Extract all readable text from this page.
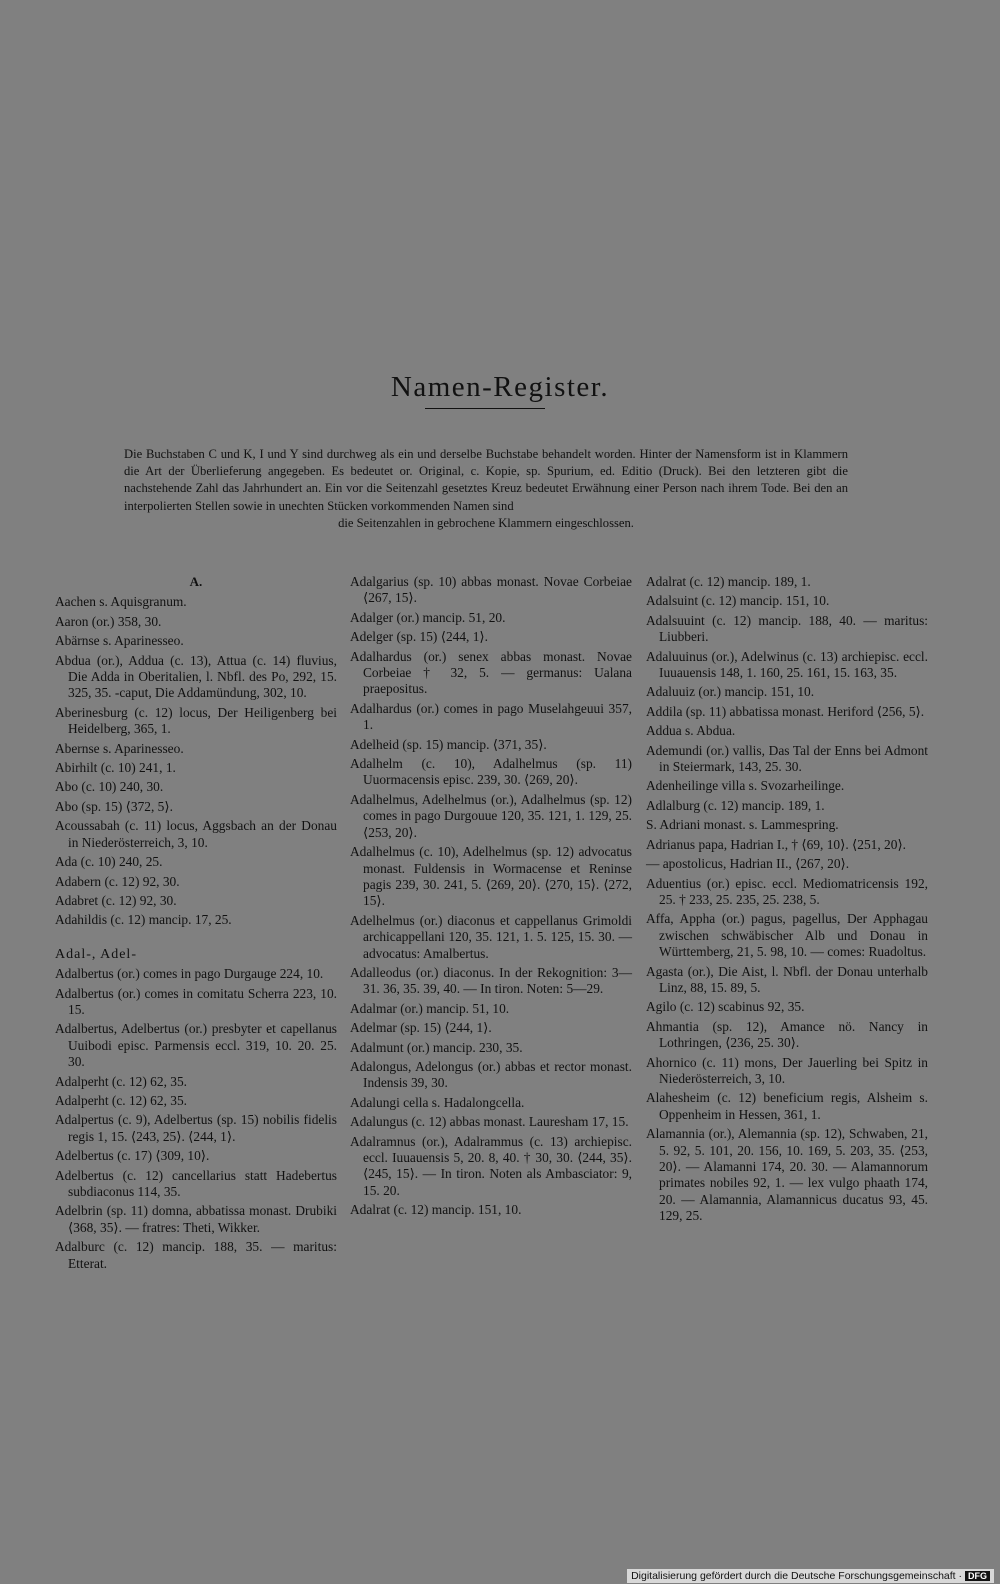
Namen-Register.
Die Buchstaben C und K, I und Y sind durchweg als ein und derselbe Buchstabe behandelt worden. Hinter der Namensform ist in Klammern die Art der Überlieferung angegeben. Es bedeutet or. Original, c. Kopie, sp. Spurium, ed. Editio (Druck). Bei den letzteren gibt die nachstehende Zahl das Jahrhundert an. Ein vor die Seitenzahl gesetztes Kreuz bedeutet Erwähnung einer Person nach ihrem Tode. Bei den an interpolierten Stellen sowie in unechten Stücken vorkommenden Namen sind
die Seitenzahlen in gebrochene Klammern eingeschlossen.
A.
Aachen s. Aquisgranum.
Aaron (or.) 358, 30.
Abärnse s. Aparinesseo.
Abdua (or.), Addua (c. 13), Attua (c. 14) fluvius, Die Adda in Oberitalien, l. Nbfl. des Po, 292, 15. 325, 35. -caput, Die Addamündung, 302, 10.
Aberinesburg (c. 12) locus, Der Heiligenberg bei Heidelberg, 365, 1.
Abernse s. Aparinesseo.
Abirhilt (c. 10) 241, 1.
Abo (c. 10) 240, 30.
Abo (sp. 15) ⟨372, 5⟩.
Acoussabah (c. 11) locus, Aggsbach an der Donau in Niederösterreich, 3, 10.
Ada (c. 10) 240, 25.
Adabern (c. 12) 92, 30.
Adabret (c. 12) 92, 30.
Adahildis (c. 12) mancip. 17, 25.
Adal-, Adel-
Adalbertus (or.) comes in pago Durgauge 224, 10.
Adalbertus (or.) comes in comitatu Scherra 223, 10. 15.
Adalbertus, Adelbertus (or.) presbyter et capellanus Uuibodi episc. Parmensis eccl. 319, 10. 20. 25. 30.
Adalperht (c. 12) 62, 35.
Adalperht (c. 12) 62, 35.
Adalpertus (c. 9), Adelbertus (sp. 15) nobilis fidelis regis 1, 15. ⟨243, 25⟩. ⟨244, 1⟩.
Adelbertus (c. 17) ⟨309, 10⟩.
Adelbertus (c. 12) cancellarius statt Hadebertus subdiaconus 114, 35.
Adelbrin (sp. 11) domna, abbatissa monast. Drubiki ⟨368, 35⟩. — fratres: Theti, Wikker.
Adalburc (c. 12) mancip. 188, 35. — maritus: Etterat.
Adalgarius (sp. 10) abbas monast. Novae Corbeiae ⟨267, 15⟩.
Adalger (or.) mancip. 51, 20.
Adelger (sp. 15) ⟨244, 1⟩.
Adalhardus (or.) senex abbas monast. Novae Corbeiae † 32, 5. — germanus: Ualana praepositus.
Adalhardus (or.) comes in pago Muselahgeuui 357, 1.
Adelheid (sp. 15) mancip. ⟨371, 35⟩.
Adalhelm (c. 10), Adalhelmus (sp. 11) Uuormacensis episc. 239, 30. ⟨269, 20⟩.
Adalhelmus, Adelhelmus (or.), Adalhelmus (sp. 12) comes in pago Durgouue 120, 35. 121, 1. 129, 25. ⟨253, 20⟩.
Adalhelmus (c. 10), Adelhelmus (sp. 12) advocatus monast. Fuldensis in Wormacense et Reninse pagis 239, 30. 241, 5. ⟨269, 20⟩. ⟨270, 15⟩. ⟨272, 15⟩.
Adelhelmus (or.) diaconus et cappellanus Grimoldi archicappellani 120, 35. 121, 1. 5. 125, 15. 30. — advocatus: Amalbertus.
Adalleodus (or.) diaconus. In der Rekognition: 3—31. 36, 35. 39, 40. — In tiron. Noten: 5—29.
Adalmar (or.) mancip. 51, 10.
Adelmar (sp. 15) ⟨244, 1⟩.
Adalmunt (or.) mancip. 230, 35.
Adalongus, Adelongus (or.) abbas et rector monast. Indensis 39, 30.
Adalungi cella s. Hadalongcella.
Adalungus (c. 12) abbas monast. Lauresham 17, 15.
Adalramnus (or.), Adalrammus (c. 13) archiepisc. eccl. Iuuauensis 5, 20. 8, 40. † 30, 30. ⟨244, 35⟩. ⟨245, 15⟩. — In tiron. Noten als Ambasciator: 9, 15. 20.
Adalrat (c. 12) mancip. 151, 10.
Adalrat (c. 12) mancip. 189, 1.
Adalsuint (c. 12) mancip. 151, 10.
Adalsuuint (c. 12) mancip. 188, 40. — maritus: Liubberi.
Adaluuinus (or.), Adelwinus (c. 13) archiepisc. eccl. Iuuauensis 148, 1. 160, 25. 161, 15. 163, 35.
Adaluuiz (or.) mancip. 151, 10.
Addila (sp. 11) abbatissa monast. Heriford ⟨256, 5⟩.
Addua s. Abdua.
Ademundi (or.) vallis, Das Tal der Enns bei Admont in Steiermark, 143, 25. 30.
Adenheilinge villa s. Svozarheilinge.
Adlalburg (c. 12) mancip. 189, 1.
S. Adriani monast. s. Lammespring.
Adrianus papa, Hadrian I., † ⟨69, 10⟩. ⟨251, 20⟩.
— apostolicus, Hadrian II., ⟨267, 20⟩.
Aduentius (or.) episc. eccl. Mediomatricensis 192, 25. † 233, 25. 235, 25. 238, 5.
Affa, Appha (or.) pagus, pagellus, Der Apphagau zwischen schwäbischer Alb und Donau in Württemberg, 21, 5. 98, 10. — comes: Ruadoltus.
Agasta (or.), Die Aist, l. Nbfl. der Donau unterhalb Linz, 88, 15. 89, 5.
Agilo (c. 12) scabinus 92, 35.
Ahmantia (sp. 12), Amance nö. Nancy in Lothringen, ⟨236, 25. 30⟩.
Ahornico (c. 11) mons, Der Jauerling bei Spitz in Niederösterreich, 3, 10.
Alahesheim (c. 12) beneficium regis, Alsheim s. Oppenheim in Hessen, 361, 1.
Alamannia (or.), Alemannia (sp. 12), Schwaben, 21, 5. 92, 5. 101, 20. 156, 10. 169, 5. 203, 35. ⟨253, 20⟩. — Alamanni 174, 20. 30. — Alamannorum primates nobiles 92, 1. — lex vulgo phaath 174, 20. — Alamannia, Alamannicus ducatus 93, 45. 129, 25.
Digitalisierung gefördert durch die Deutsche Forschungsgemeinschaft · DFG
